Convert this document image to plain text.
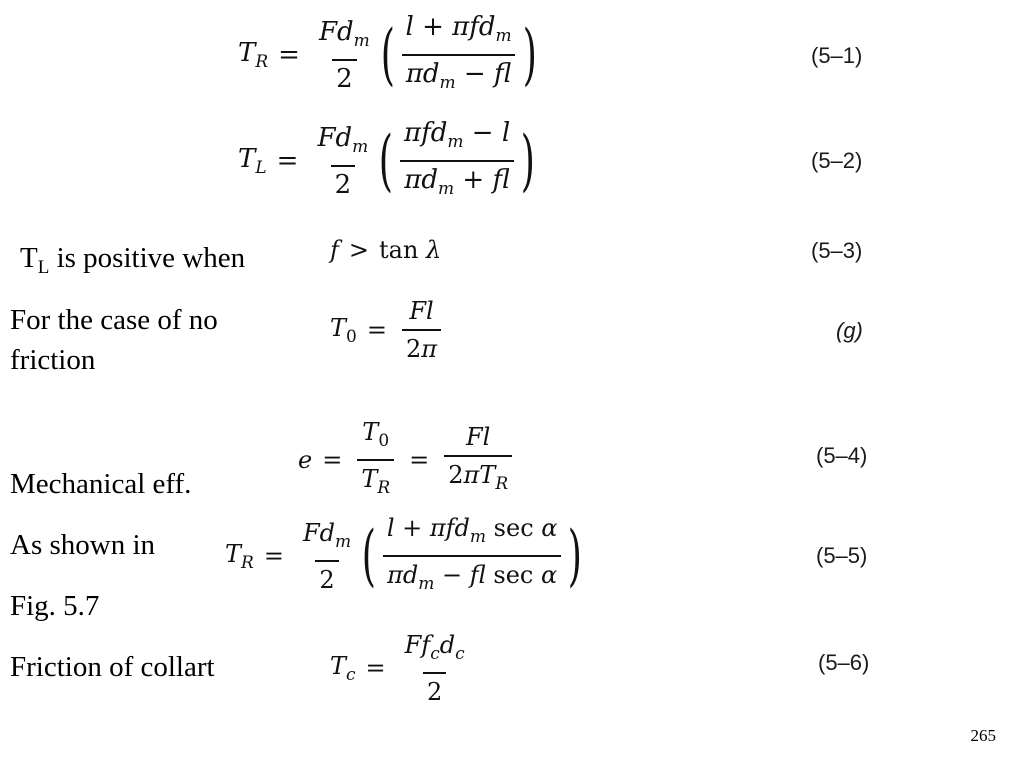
$T_R = \frac{Fd_m}{2}$ ( $\frac{l + \pi fd_m}{\pi d_m - fl}$ )	(5–1)
$T_L = \frac{Fd_m}{2}$ ( $\frac{\pi fd_m - l}{\pi d_m + fl}$ )	(5–2)
$T_L$ is positive when	f > tan λ	(5–3)
For the case of no
friction
$T_0 = \frac{Fl}{2\pi}$	(g)
$e = \frac{T_0}{T_R} = \frac{Fl}{2\pi T_R}$	(5–4)
Mechanical eff.
As shown in	$T_R = \frac{Fd_m}{2}$ ( $\frac{l + \pi fd_m \sec \alpha}{\pi d_m - fl \sec \alpha}$ )	(5–5)
Fig. 5.7
Friction of collart	$T_c = \frac{Ff_cd_c}{2}$	(5–6)
265
